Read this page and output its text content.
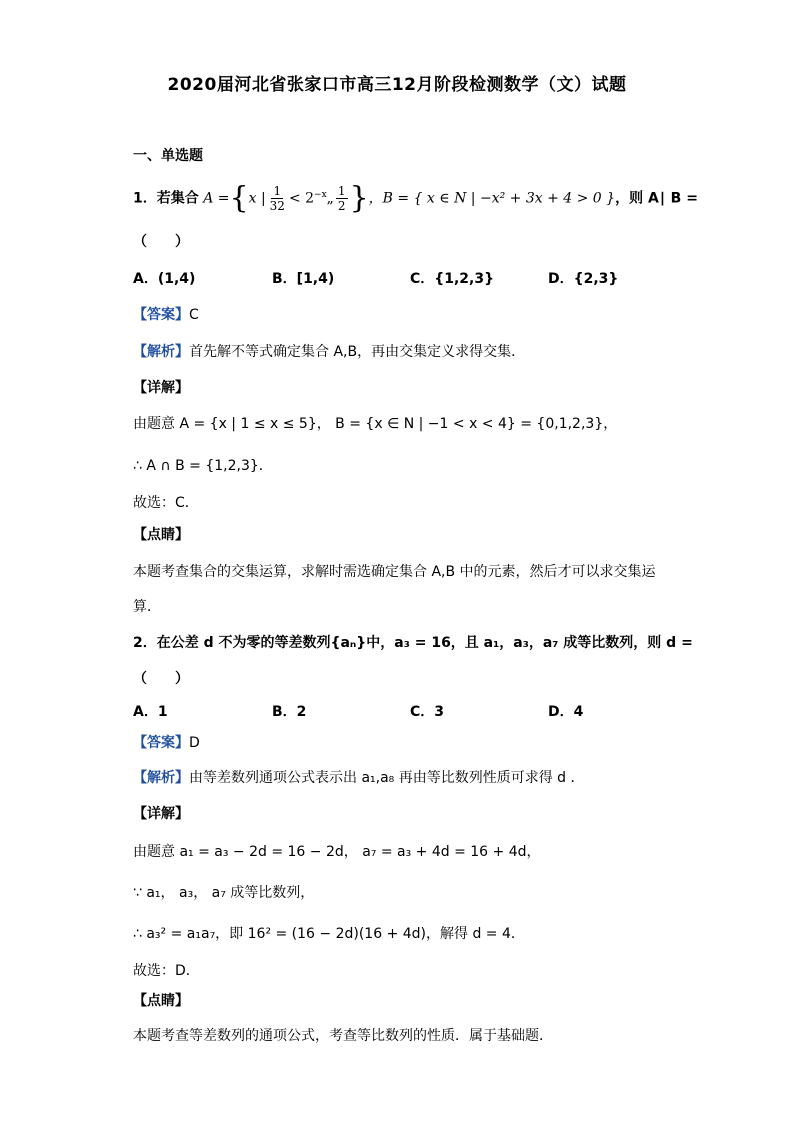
2020届河北省张家口市高三12月阶段检测数学（文）试题
一、单选题
1．若集合 A ={x | $\frac{1}{32}$ < $2^{-x}„ \frac{1}{2}$ }，B = { x ∈ N | −x² + 3x + 4 > 0 }，则 A∣ B =
（　　）
A．(1,4)	B．[1,4)	C．{1,2,3}	D．{2,3}
【答案】C
【解析】首先解不等式确定集合 A,B，再由交集定义求得交集．
【详解】
由题意 A = {x | 1 ≤ x ≤ 5}， B = {x ∈ N | −1 < x < 4} = {0,1,2,3}，
∴ A ∩ B = {1,2,3}．
故选：C．
【点睛】
本题考查集合的交集运算，求解时需选确定集合 A,B 中的元素，然后才可以求交集运
算．
2．在公差 d 不为零的等差数列{aₙ}中，a₃ = 16，且 a₁，a₃，a₇ 成等比数列，则 d =
（　　）
A．1	B．2	C．3	D．4
【答案】D
【解析】由等差数列通项公式表示出 a₁,a₈ 再由等比数列性质可求得 d ．
【详解】
由题意 a₁ = a₃ − 2d = 16 − 2d， a₇ = a₃ + 4d = 16 + 4d，
∵ a₁， a₃， a₇ 成等比数列，
∴ a₃² = a₁a₇，即 16² = (16 − 2d)(16 + 4d)，解得 d = 4．
故选：D．
【点睛】
本题考查等差数列的通项公式，考查等比数列的性质．属于基础题．
